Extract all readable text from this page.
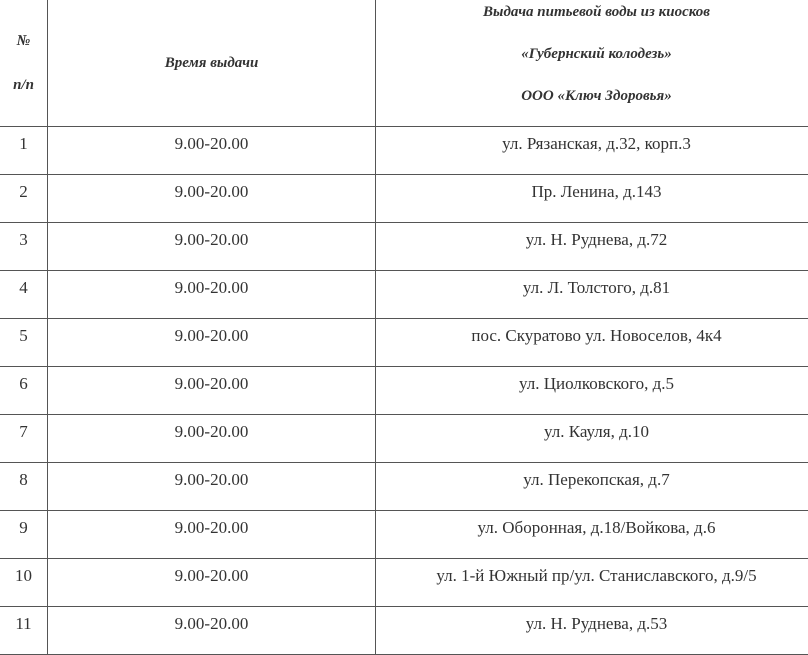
№
п/п	Время выдачи	Выдача питьевой воды из киосков
«Губернский колодезь»
ООО «Ключ Здоровья»

1	9.00-20.00	ул. Рязанская, д.32, корп.3

2	9.00-20.00	Пр. Ленина, д.143

3	9.00-20.00	ул. Н. Руднева, д.72

4	9.00-20.00	ул. Л. Толстого, д.81

5	9.00-20.00	пос. Скуратово ул. Новоселов, 4к4

6	9.00-20.00	ул. Циолковского, д.5

7	9.00-20.00	ул. Кауля, д.10

8	9.00-20.00	ул. Перекопская, д.7

9	9.00-20.00	ул. Оборонная, д.18/Войкова, д.6

10	9.00-20.00	ул. 1-й Южный пр/ул. Станиславского, д.9/5

11	9.00-20.00	ул. Н. Руднева, д.53
